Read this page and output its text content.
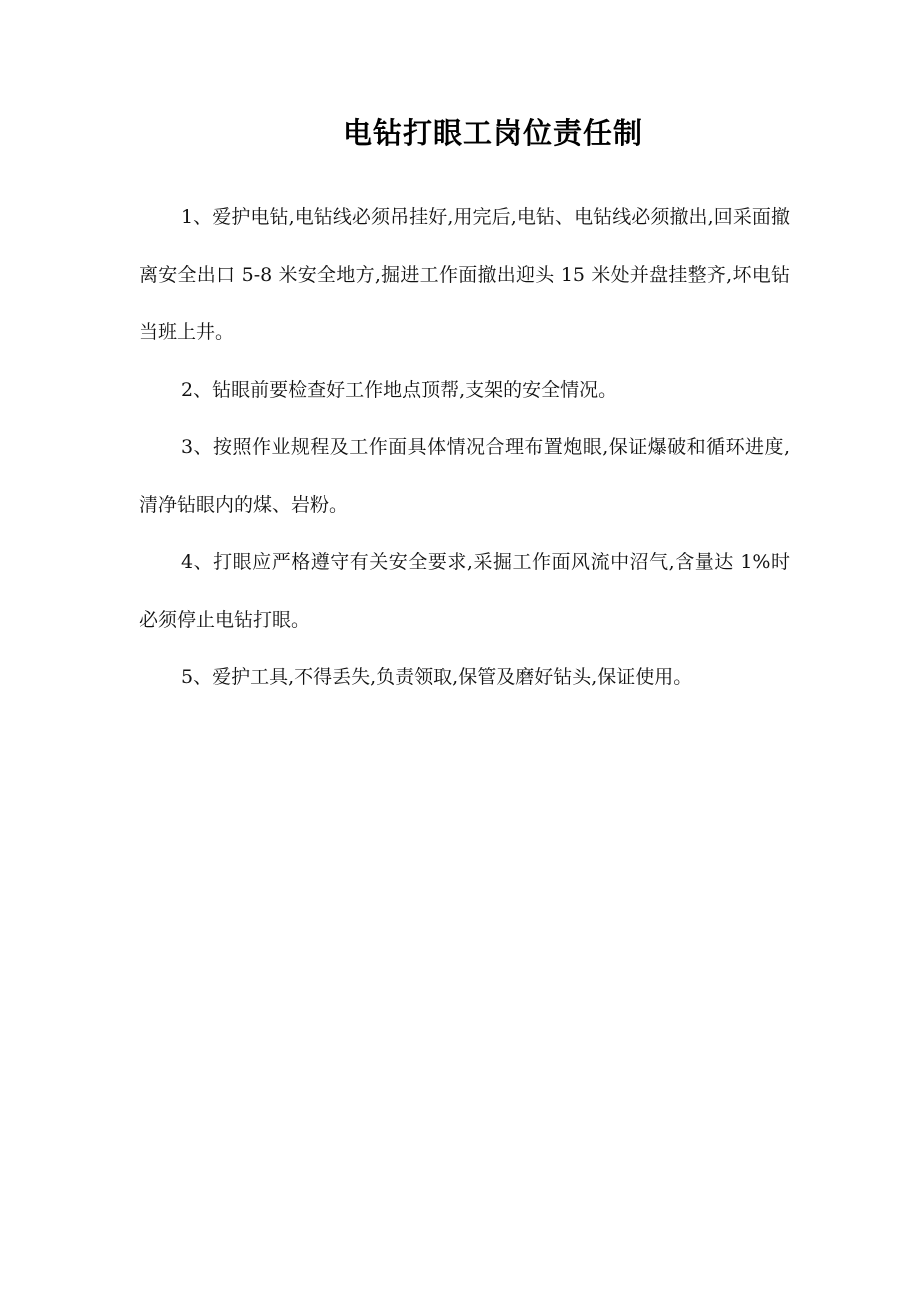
电钻打眼工岗位责任制

1、爱护电钻,电钻线必须吊挂好,用完后,电钻、电钻线必须撤出,回采面撤离安全出口 5-8 米安全地方,掘进工作面撤出迎头 15 米处并盘挂整齐,坏电钻当班上井。

2、钻眼前要检查好工作地点顶帮,支架的安全情况。

3、按照作业规程及工作面具体情况合理布置炮眼,保证爆破和循环进度,清净钻眼内的煤、岩粉。

4、打眼应严格遵守有关安全要求,采掘工作面风流中沼气,含量达 1%时必须停止电钻打眼。

5、爱护工具,不得丢失,负责领取,保管及磨好钻头,保证使用。
